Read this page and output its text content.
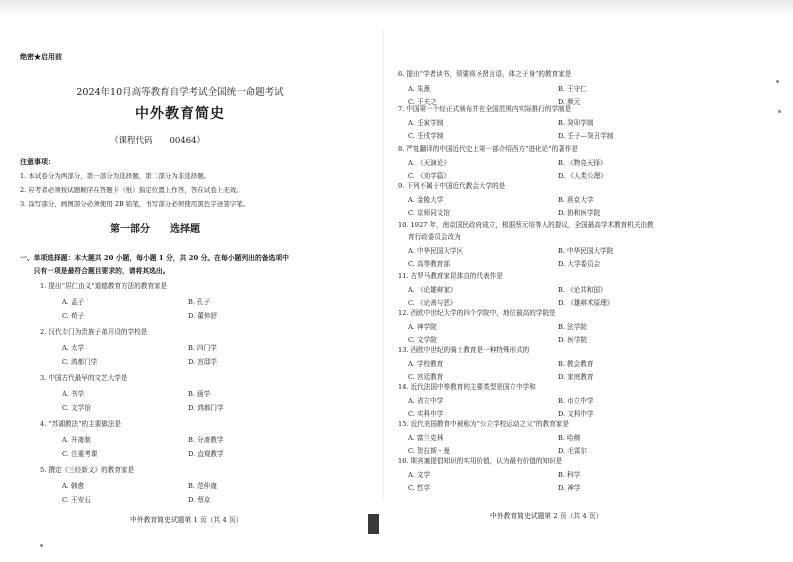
绝密★启用前
2024年10月高等教育自学考试全国统一命题考试
中外教育简史
（课程代码　　00464）
注意事项：
1. 本试卷分为两部分，第一部分为选择题，第二部分为非选择题。
2. 应考者必须按试题顺序在答题卡（纸）指定位置上作答，答在试卷上无效。
3. 涂写部分、画图部分必须使用 2B 铅笔，书写部分必须使用黑色字迹签字笔。
第一部分　　选择题
一、单项选择题：本大题共 20 小题，每小题 1 分，共 20 分。在每小题列出的备选项中
　　只有一项是最符合题目要求的，请将其选出。
1. 提出“居仁由义”道德教育方法的教育家是
A. 孟子	B. 孔子
C. 荀子	D. 董仲舒
2. 汉代专门为贵族子弟开设的学校是
A. 太学	B. 四门学
C. 鸿都门学	D. 宫邸学
3. 中国古代最早的文艺大学是
A. 书学	B. 画学
C. 文学馆	D. 鸿都门学
4. “苏湖教法”的主要做法是
A. 升斋制	B. 分斋教学
C. 注重考课	D. 直观教学
5. 撰定《三经新义》的教育家是
A. 韩愈	B. 范仲淹
C. 王安石	D. 蔡京
中外教育简史试题第 1 页（共 4 页）
6. 提出“学者读书，须要将圣贤言语，体之于身”的教育家是
A. 朱熹	B. 王守仁
C. 王夫之	D. 颜元
7. 中国第一个经正式颁布并在全国范围内实际推行的学制是
A. 壬寅学制	B. 癸卯学制
C. 壬戌学制	D. 壬子—癸丑学制
8. 严复翻译的中国近代史上第一部介绍西方“进化论”的著作是
A. 《天演论》	B. 《物竞天择》
C. 《劝学篇》	D. 《人类公理》
9. 下列不属于中国近代教会大学的是
A. 金陵大学	B. 燕京大学
C. 京师同文馆	D. 协和医学院
10. 1927 年，南京国民政府成立，根据蔡元培等人的提议，全国最高学术教育机关由教
育行政委员会改为
A. 中华民国大学区	B. 中华民国大学院
C. 高等教育部	D. 大学委员会
11. 古罗马教育家昆体良的代表作是
A. 《论雄辩家》	B. 《论共和国》
C. 《论善与恶》	D. 《雄辩术原理》
12. 西欧中世纪大学的四个学院中，地位最高的学院是
A. 神学院	B. 法学院
C. 文学院	D. 医学院
13. 西欧中世纪的骑士教育是一种特殊形式的
A. 学校教育	B. 教会教育
C. 宫廷教育	D. 家庭教育
14. 近代法国中等教育的主要类型是国立中学和
A. 省立中学	B. 市立中学
C. 实科中学	D. 文科中学
15. 近代美国教育中被称为“公立学校运动之父”的教育家是
A. 富兰克林	B. 哈佛
C. 贺拉斯・曼	D. 毛雷尔
16. 斯宾塞提倡知识的实用价值，认为最有价值的知识是
A. 文学	B. 科学
C. 哲学	D. 神学
中外教育简史试题第 2 页（共 4 页）
